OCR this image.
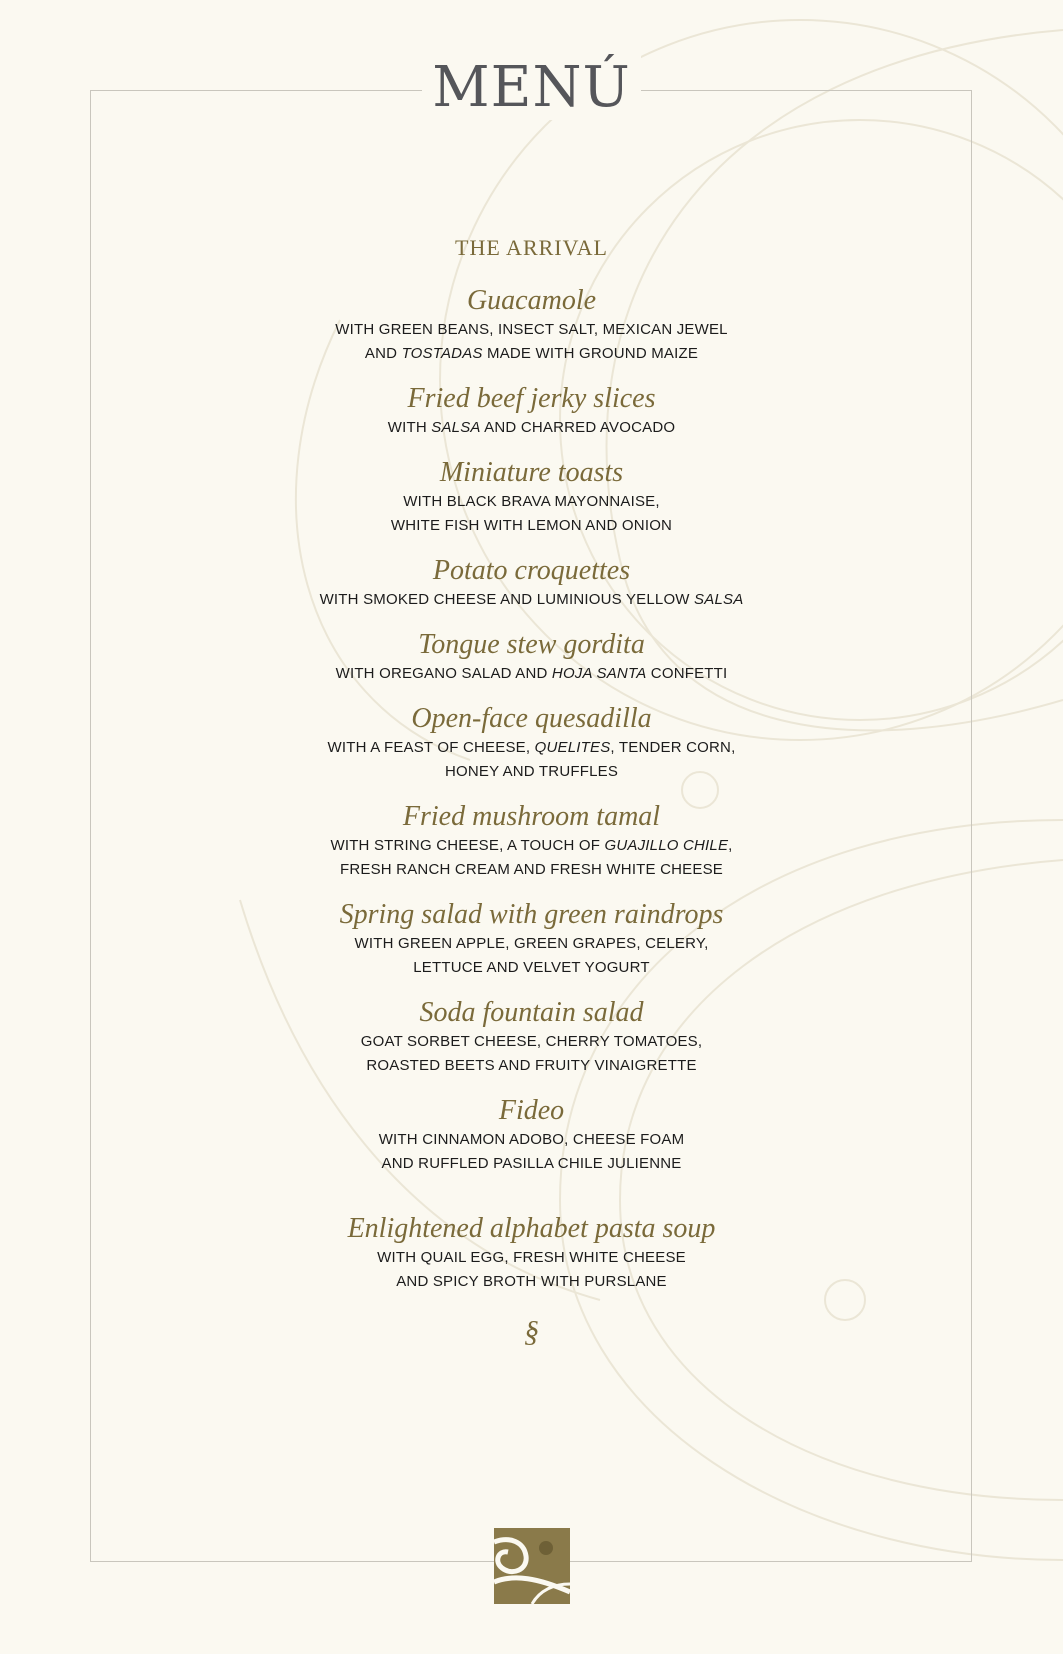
MENÚ
THE ARRIVAL
Guacamole
WITH GREEN BEANS, INSECT SALT, MEXICAN JEWEL
AND TOSTADAS MADE WITH GROUND MAIZE
Fried beef jerky slices
WITH SALSA AND CHARRED AVOCADO
Miniature toasts
WITH BLACK BRAVA MAYONNAISE,
WHITE FISH WITH LEMON AND ONION
Potato croquettes
WITH SMOKED CHEESE AND LUMINIOUS YELLOW SALSA
Tongue stew gordita
WITH OREGANO SALAD AND HOJA SANTA CONFETTI
Open-face quesadilla
WITH A FEAST OF CHEESE, QUELITES, TENDER CORN,
HONEY AND TRUFFLES
Fried mushroom tamal
WITH STRING CHEESE, A TOUCH OF GUAJILLO CHILE,
FRESH RANCH CREAM AND FRESH WHITE CHEESE
Spring salad with green raindrops
WITH GREEN APPLE, GREEN GRAPES, CELERY,
LETTUCE AND VELVET YOGURT
Soda fountain salad
GOAT SORBET CHEESE, CHERRY TOMATOES,
ROASTED BEETS AND FRUITY VINAIGRETTE
Fideo
WITH CINNAMON ADOBO, CHEESE FOAM
AND RUFFLED PASILLA CHILE JULIENNE
Enlightened alphabet pasta soup
WITH QUAIL EGG, FRESH WHITE CHEESE
AND SPICY BROTH WITH PURSLANE
§
